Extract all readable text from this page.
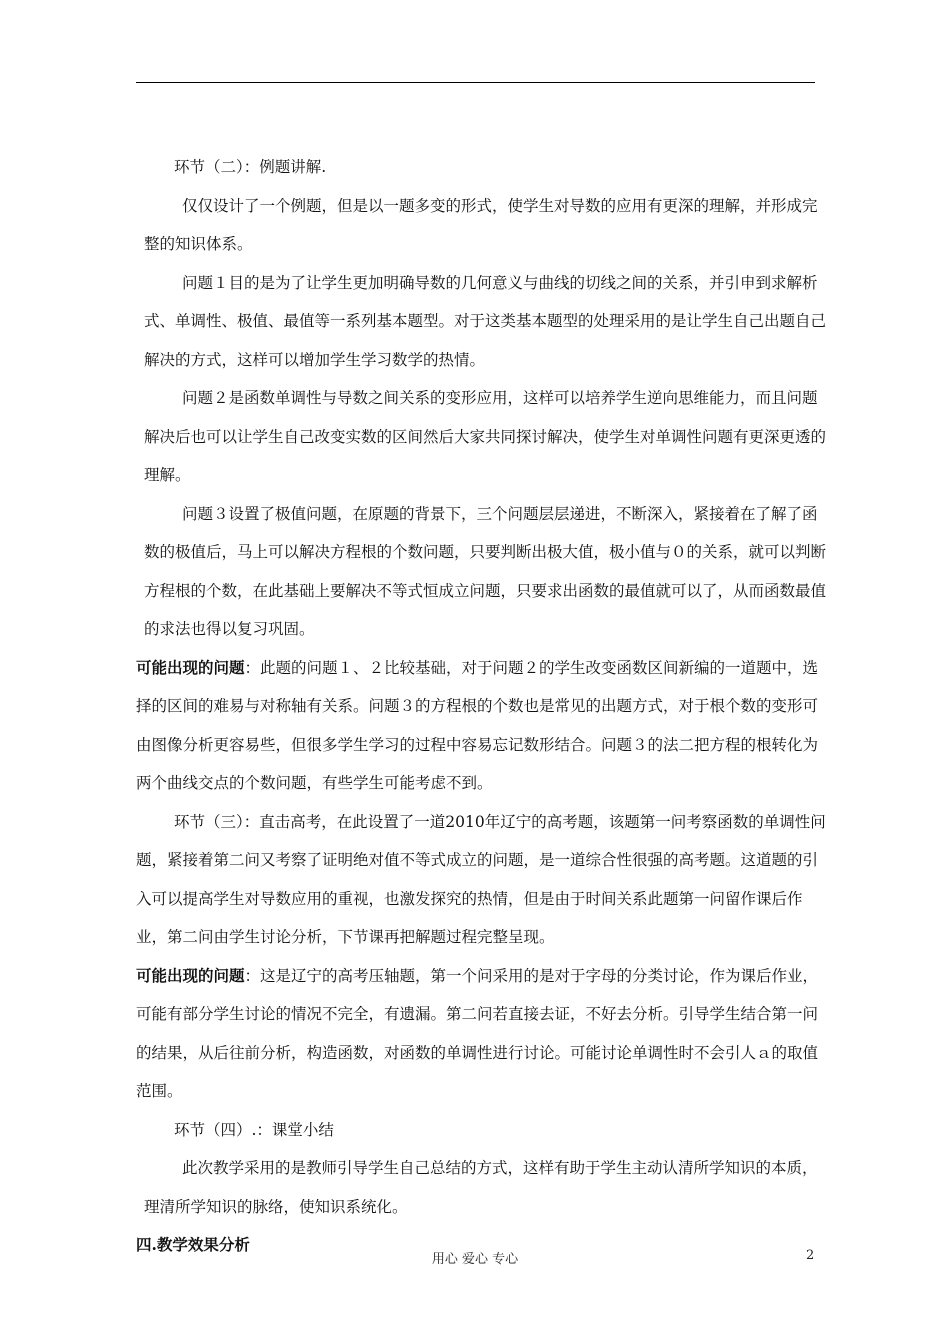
环节（二）：例题讲解.

仅仅设计了一个例题，但是以一题多变的形式，使学生对导数的应用有更深的理解，并形成完整的知识体系。

问题１目的是为了让学生更加明确导数的几何意义与曲线的切线之间的关系，并引申到求解析式、单调性、极值、最值等一系列基本题型。对于这类基本题型的处理采用的是让学生自己出题自己解决的方式，这样可以增加学生学习数学的热情。

问题２是函数单调性与导数之间关系的变形应用，这样可以培养学生逆向思维能力，而且问题解决后也可以让学生自己改变实数的区间然后大家共同探讨解决，使学生对单调性问题有更深更透的理解。

问题３设置了极值问题，在原题的背景下，三个问题层层递进，不断深入，紧接着在了解了函数的极值后，马上可以解决方程根的个数问题，只要判断出极大值，极小值与０的关系，就可以判断方程根的个数，在此基础上要解决不等式恒成立问题，只要求出函数的最值就可以了，从而函数最值的求法也得以复习巩固。

可能出现的问题：此题的问题１、２比较基础，对于问题２的学生改变函数区间新编的一道题中，选择的区间的难易与对称轴有关系。问题３的方程根的个数也是常见的出题方式，对于根个数的变形可由图像分析更容易些，但很多学生学习的过程中容易忘记数形结合。问题３的法二把方程的根转化为两个曲线交点的个数问题，有些学生可能考虑不到。

环节（三）：直击高考，在此设置了一道2010年辽宁的高考题，该题第一问考察函数的单调性问题，紧接着第二问又考察了证明绝对值不等式成立的问题，是一道综合性很强的高考题。这道题的引入可以提高学生对导数应用的重视，也激发探究的热情，但是由于时间关系此题第一问留作课后作业，第二问由学生讨论分析，下节课再把解题过程完整呈现。

可能出现的问题：这是辽宁的高考压轴题，第一个问采用的是对于字母的分类讨论，作为课后作业，可能有部分学生讨论的情况不完全，有遗漏。第二问若直接去证，不好去分析。引导学生结合第一问的结果，从后往前分析，构造函数，对函数的单调性进行讨论。可能讨论单调性时不会引人ａ的取值范围。

环节（四）.：课堂小结

此次教学采用的是教师引导学生自己总结的方式，这样有助于学生主动认清所学知识的本质，理清所学知识的脉络，使知识系统化。

四.教学效果分析

用心 爱心 专心	2
